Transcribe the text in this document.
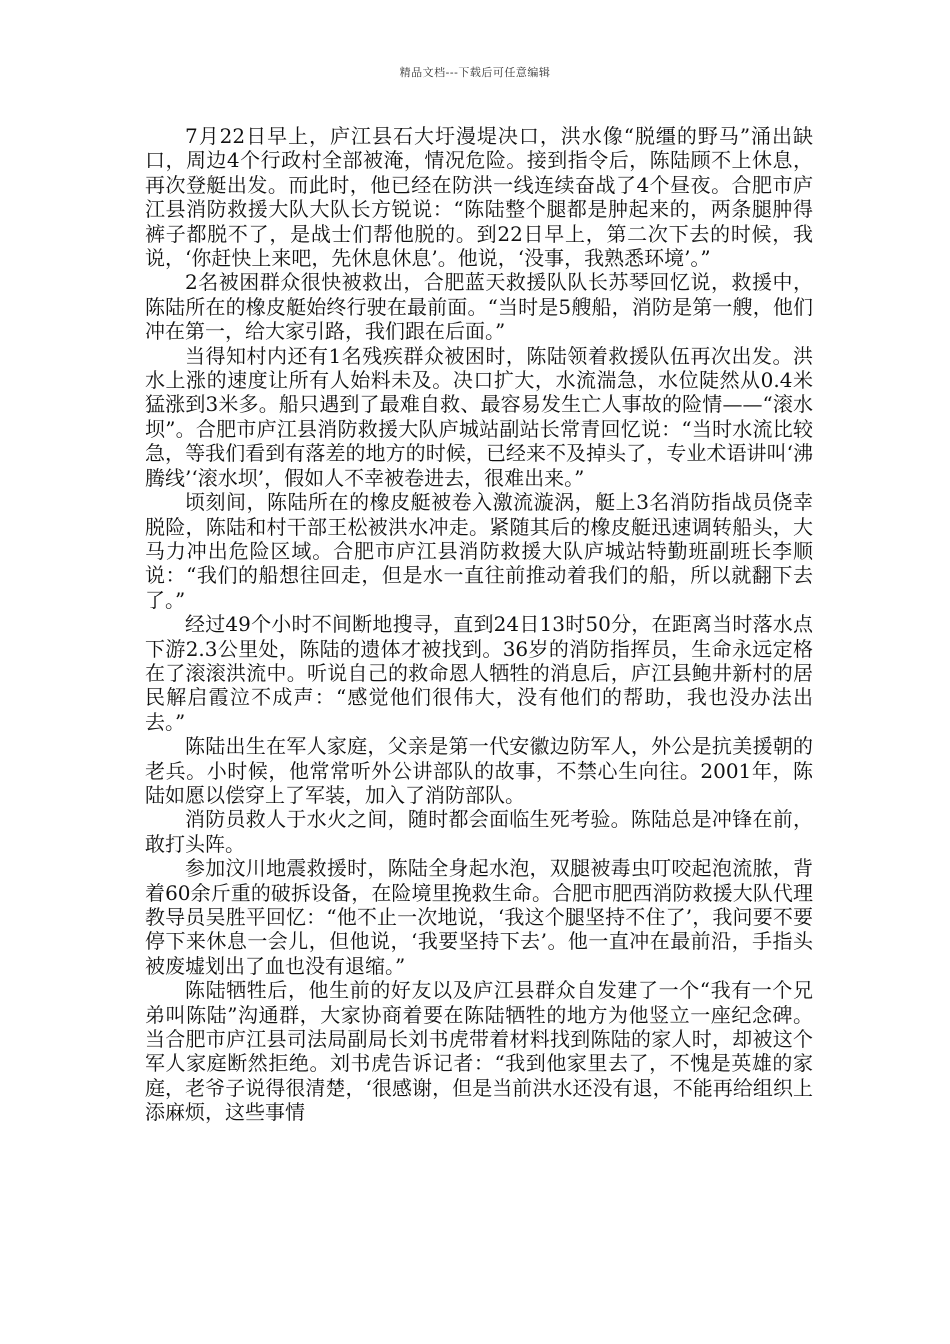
精品文档---下载后可任意编辑

7月22日早上，庐江县石大圩漫堤决口，洪水像“脱缰的野马”涌出缺口，周边4个行政村全部被淹，情况危险。接到指令后，陈陆顾不上休息，再次登艇出发。而此时，他已经在防洪一线连续奋战了4个昼夜。合肥市庐江县消防救援大队大队长方锐说：“陈陆整个腿都是肿起来的，两条腿肿得裤子都脱不了，是战士们帮他脱的。到22日早上，第二次下去的时候，我说，‘你赶快上来吧，先休息休息’。他说，‘没事，我熟悉环境’。”

2名被困群众很快被救出，合肥蓝天救援队队长苏琴回忆说，救援中，陈陆所在的橡皮艇始终行驶在最前面。“当时是5艘船，消防是第一艘，他们冲在第一，给大家引路，我们跟在后面。”

当得知村内还有1名残疾群众被困时，陈陆领着救援队伍再次出发。洪水上涨的速度让所有人始料未及。决口扩大，水流湍急，水位陡然从0.4米猛涨到3米多。船只遇到了最难自救、最容易发生亡人事故的险情——“滚水坝”。合肥市庐江县消防救援大队庐城站副站长常青回忆说：“当时水流比较急，等我们看到有落差的地方的时候，已经来不及掉头了，专业术语讲叫‘沸腾线’‘滚水坝’，假如人不幸被卷进去，很难出来。”

顷刻间，陈陆所在的橡皮艇被卷入激流漩涡，艇上3名消防指战员侥幸脱险，陈陆和村干部王松被洪水冲走。紧随其后的橡皮艇迅速调转船头，大马力冲出危险区域。合肥市庐江县消防救援大队庐城站特勤班副班长李顺说：“我们的船想往回走，但是水一直往前推动着我们的船，所以就翻下去了。”

经过49个小时不间断地搜寻，直到24日13时50分，在距离当时落水点下游2.3公里处，陈陆的遗体才被找到。36岁的消防指挥员，生命永远定格在了滚滚洪流中。听说自己的救命恩人牺牲的消息后，庐江县鲍井新村的居民解启霞泣不成声：“感觉他们很伟大，没有他们的帮助，我也没办法出去。”

陈陆出生在军人家庭，父亲是第一代安徽边防军人，外公是抗美援朝的老兵。小时候，他常常听外公讲部队的故事，不禁心生向往。2001年，陈陆如愿以偿穿上了军装，加入了消防部队。

消防员救人于水火之间，随时都会面临生死考验。陈陆总是冲锋在前，敢打头阵。

参加汶川地震救援时，陈陆全身起水泡，双腿被毒虫叮咬起泡流脓，背着60余斤重的破拆设备，在险境里挽救生命。合肥市肥西消防救援大队代理教导员吴胜平回忆：“他不止一次地说，‘我这个腿坚持不住了’，我问要不要停下来休息一会儿，但他说，‘我要坚持下去’。他一直冲在最前沿，手指头被废墟划出了血也没有退缩。”

陈陆牺牲后，他生前的好友以及庐江县群众自发建了一个“我有一个兄弟叫陈陆”沟通群，大家协商着要在陈陆牺牲的地方为他竖立一座纪念碑。当合肥市庐江县司法局副局长刘书虎带着材料找到陈陆的家人时，却被这个军人家庭断然拒绝。刘书虎告诉记者：“我到他家里去了，不愧是英雄的家庭，老爷子说得很清楚，‘很感谢，但是当前洪水还没有退，不能再给组织上添麻烦，这些事情
